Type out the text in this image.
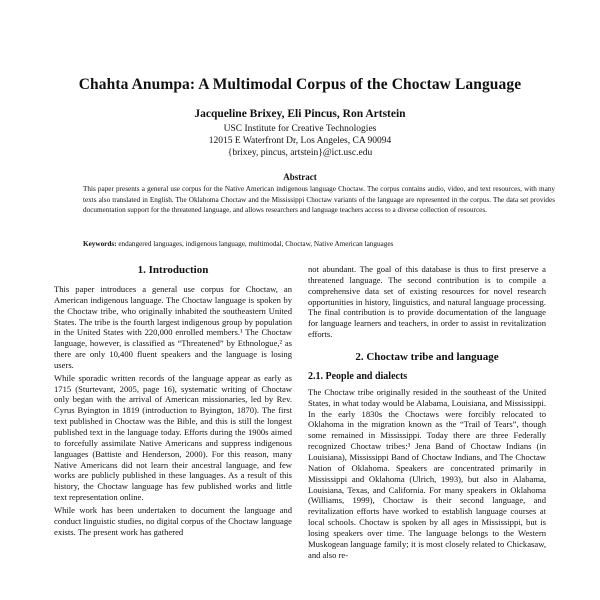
Chahta Anumpa: A Multimodal Corpus of the Choctaw Language
Jacqueline Brixey, Eli Pincus, Ron Artstein
USC Institute for Creative Technologies
12015 E Waterfront Dr, Los Angeles, CA 90094
{brixey, pincus, artstein}@ict.usc.edu
Abstract
This paper presents a general use corpus for the Native American indigenous language Choctaw. The corpus contains audio, video, and text resources, with many texts also translated in English. The Oklahoma Choctaw and the Mississippi Choctaw variants of the language are represented in the corpus. The data set provides documentation support for the threatened language, and allows researchers and language teachers access to a diverse collection of resources.
Keywords: endangered languages, indigenous language, multimodal, Choctaw, Native American languages
1. Introduction

This paper introduces a general use corpus for Choctaw, an American indigenous language. The Choctaw language is spoken by the Choctaw tribe, who originally inhabited the southeastern United States. The tribe is the fourth largest indigenous group by population in the United States with 220,000 enrolled members.¹ The Choctaw language, however, is classified as “Threatened” by Ethnologue,² as there are only 10,400 fluent speakers and the language is losing users.

While sporadic written records of the language appear as early as 1715 (Sturtevant, 2005, page 16), systematic writing of Choctaw only began with the arrival of American missionaries, led by Rev. Cyrus Byington in 1819 (introduction to Byington, 1870). The first text published in Choctaw was the Bible, and this is still the longest published text in the language today. Efforts during the 1900s aimed to forcefully assimilate Native Americans and suppress indigenous languages (Battiste and Henderson, 2000). For this reason, many Native Americans did not learn their ancestral language, and few works are publicly published in these languages. As a result of this history, the Choctaw language has few published works and little text representation online.

While work has been undertaken to document the language and conduct linguistic studies, no digital corpus of the Choctaw language exists. The present work has gathered

not abundant. The goal of this database is thus to first preserve a threatened language. The second contribution is to compile a comprehensive data set of existing resources for novel research opportunities in history, linguistics, and natural language processing. The final contribution is to provide documentation of the language for language learners and teachers, in order to assist in revitalization efforts.

2. Choctaw tribe and language
2.1. People and dialects

The Choctaw tribe originally resided in the southeast of the United States, in what today would be Alabama, Louisiana, and Mississippi. In the early 1830s the Choctaws were forcibly relocated to Oklahoma in the migration known as the “Trail of Tears”, though some remained in Mississippi. Today there are three Federally recognized Choctaw tribes:³ Jena Band of Choctaw Indians (in Louisiana), Mississippi Band of Choctaw Indians, and The Choctaw Nation of Oklahoma. Speakers are concentrated primarily in Mississippi and Oklahoma (Ulrich, 1993), but also in Alabama, Louisiana, Texas, and California. For many speakers in Oklahoma (Williams, 1999), Choctaw is their second language, and revitalization efforts have worked to establish language courses at local schools. Choctaw is spoken by all ages in Mississippi, but is losing speakers over time. The language belongs to the Western Muskogean language family; it is most closely related to Chickasaw, and also re-
